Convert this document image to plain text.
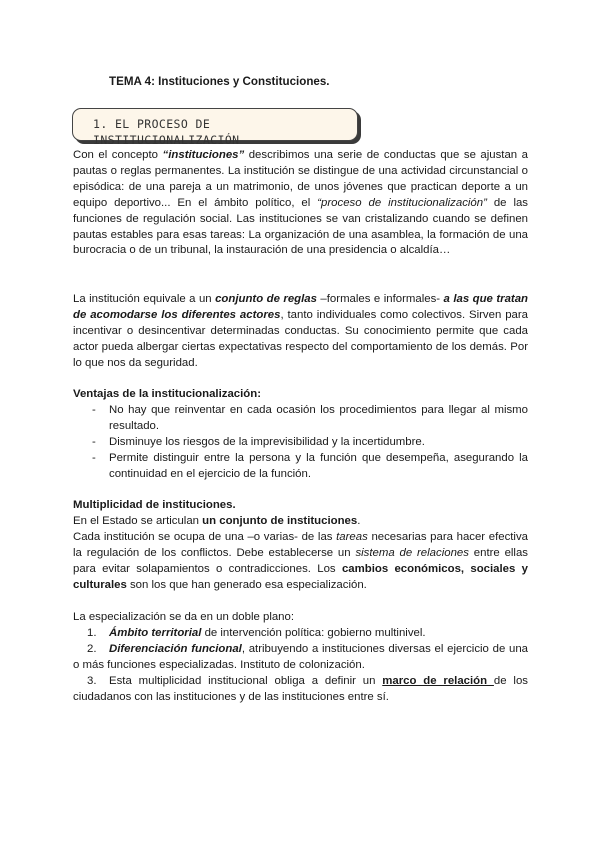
TEMA 4: Instituciones y Constituciones.
1. EL PROCESO DE INSTITUCIONALIZACIÓN

Con el concepto “instituciones” describimos una serie de conductas que se ajustan a pautas o reglas permanentes. La institución se distingue de una actividad circunstancial o episódica: de una pareja a un matrimonio, de unos jóvenes que practican deporte a un equipo deportivo... En el ámbito político, el “proceso de institucionalización” de las funciones de regulación social. Las instituciones se van cristalizando cuando se definen pautas estables para esas tareas: La organización de una asamblea, la formación de una burocracia o de un tribunal, la instauración de una presidencia o alcaldía…

La institución equivale a un conjunto de reglas –formales e informales- a las que tratan de acomodarse los diferentes actores, tanto individuales como colectivos. Sirven para incentivar o desincentivar determinadas conductas. Su conocimiento permite que cada actor pueda albergar ciertas expectativas respecto del comportamiento de los demás. Por lo que nos da seguridad.

Ventajas de la institucionalización:
- No hay que reinventar en cada ocasión los procedimientos para llegar al mismo resultado.
- Disminuye los riesgos de la imprevisibilidad y la incertidumbre.
- Permite distinguir entre la persona y la función que desempeña, asegurando la continuidad en el ejercicio de la función.
Multiplicidad de instituciones.

En el Estado se articulan un conjunto de instituciones.

Cada institución se ocupa de una –o varias- de las tareas necesarias para hacer efectiva la regulación de los conflictos. Debe establecerse un sistema de relaciones entre ellas para evitar solapamientos o contradicciones. Los cambios económicos, sociales y culturales son los que han generado esa especialización.

La especialización se da en un doble plano:

1. Ámbito territorial de intervención política: gobierno multinivel.
2. Diferenciación funcional, atribuyendo a instituciones diversas el ejercicio de una o más funciones especializadas. Instituto de colonización.
3. Esta multiplicidad institucional obliga a definir un marco de relación de los ciudadanos con las instituciones y de las instituciones entre sí.
